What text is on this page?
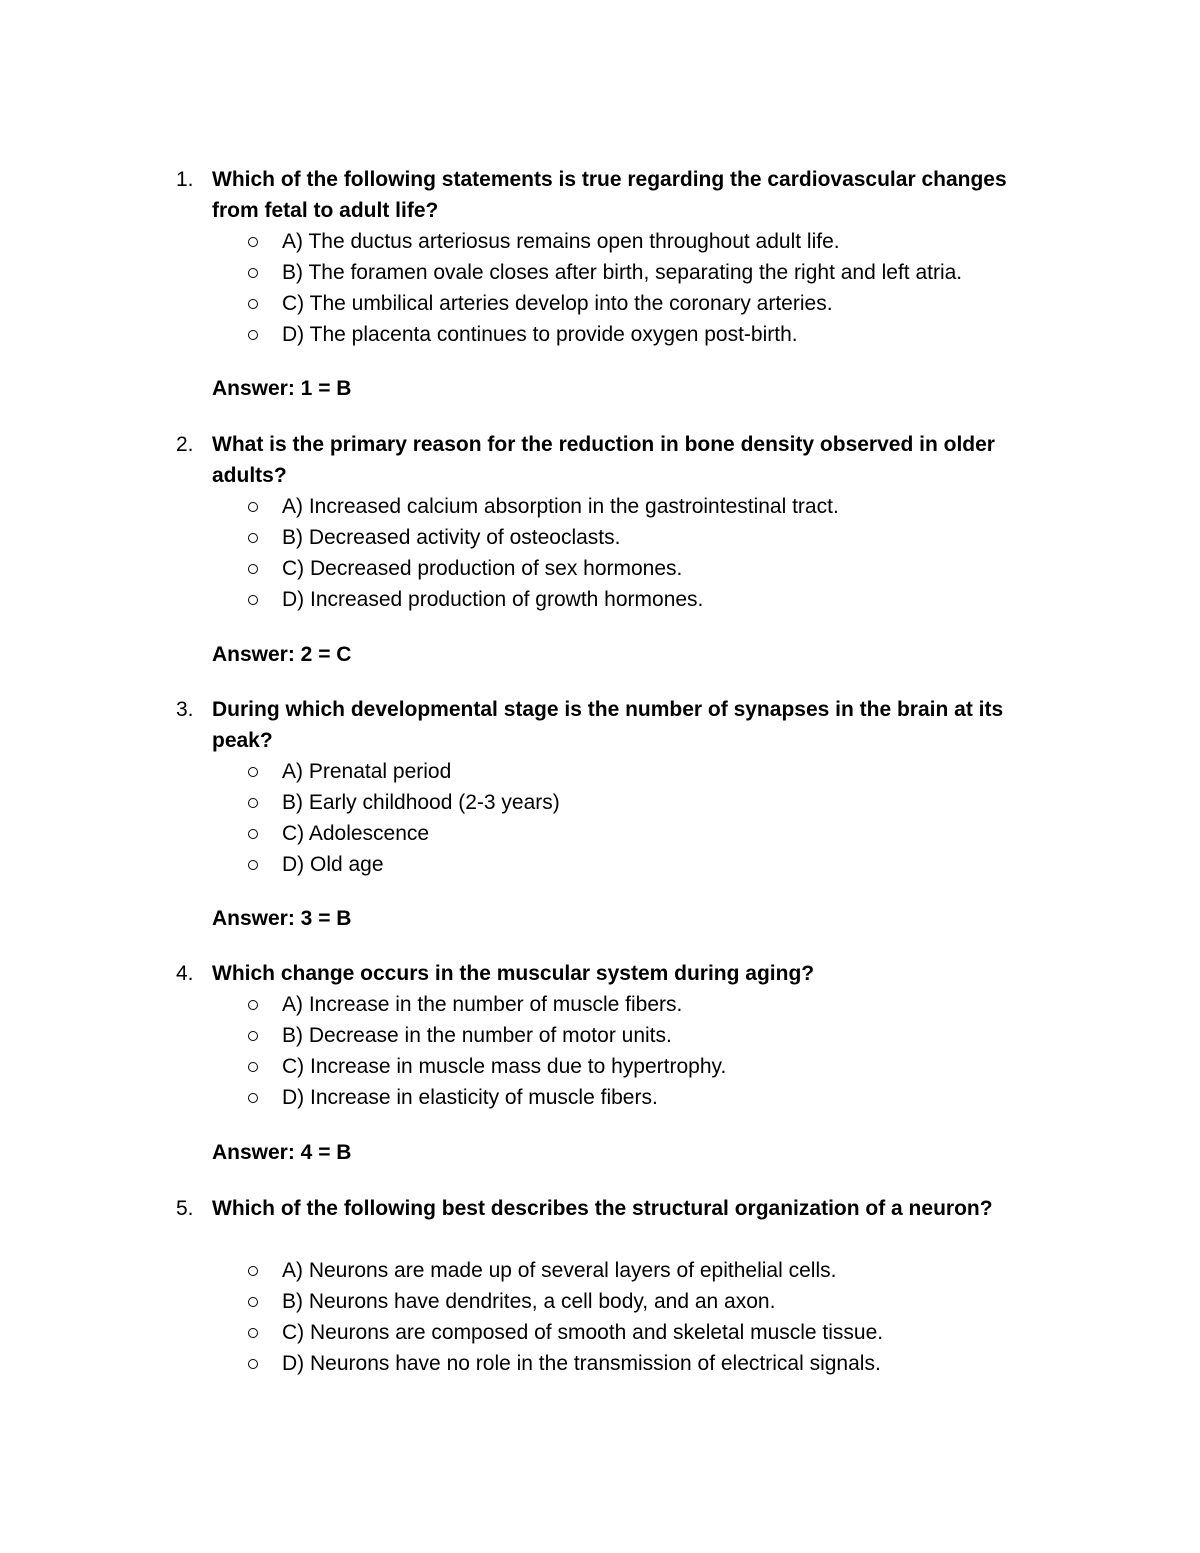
1. Which of the following statements is true regarding the cardiovascular changes from fetal to adult life?
A) The ductus arteriosus remains open throughout adult life.
B) The foramen ovale closes after birth, separating the right and left atria.
C) The umbilical arteries develop into the coronary arteries.
D) The placenta continues to provide oxygen post-birth.
Answer: 1 = B
2. What is the primary reason for the reduction in bone density observed in older adults?
A) Increased calcium absorption in the gastrointestinal tract.
B) Decreased activity of osteoclasts.
C) Decreased production of sex hormones.
D) Increased production of growth hormones.
Answer: 2 = C
3. During which developmental stage is the number of synapses in the brain at its peak?
A) Prenatal period
B) Early childhood (2-3 years)
C) Adolescence
D) Old age
Answer: 3 = B
4. Which change occurs in the muscular system during aging?
A) Increase in the number of muscle fibers.
B) Decrease in the number of motor units.
C) Increase in muscle mass due to hypertrophy.
D) Increase in elasticity of muscle fibers.
Answer: 4 = B
5. Which of the following best describes the structural organization of a neuron?
A) Neurons are made up of several layers of epithelial cells.
B) Neurons have dendrites, a cell body, and an axon.
C) Neurons are composed of smooth and skeletal muscle tissue.
D) Neurons have no role in the transmission of electrical signals.
